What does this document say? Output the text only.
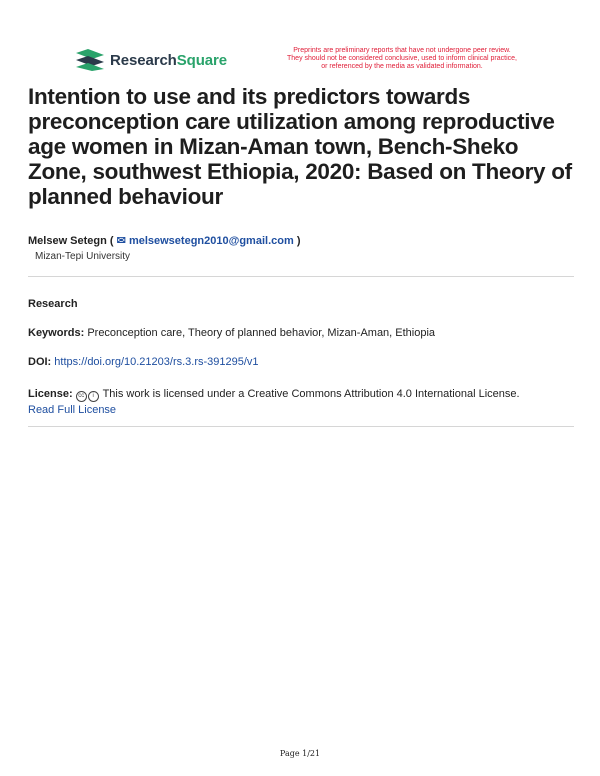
ResearchSquare
Preprints are preliminary reports that have not undergone peer review.
They should not be considered conclusive, used to inform clinical practice,
or referenced by the media as validated information.
Intention to use and its predictors towards preconception care utilization among reproductive age women in Mizan-Aman town, Bench-Sheko Zone, southwest Ethiopia, 2020: Based on Theory of planned behaviour
Melsew Setegn ( ✉ melsewsetegn2010@gmail.com )
Mizan-Tepi University
Research
Keywords: Preconception care, Theory of planned behavior, Mizan-Aman, Ethiopia
DOI: https://doi.org/10.21203/rs.3.rs-391295/v1
License: cc i This work is licensed under a Creative Commons Attribution 4.0 International License.
Read Full License
Page 1/21
